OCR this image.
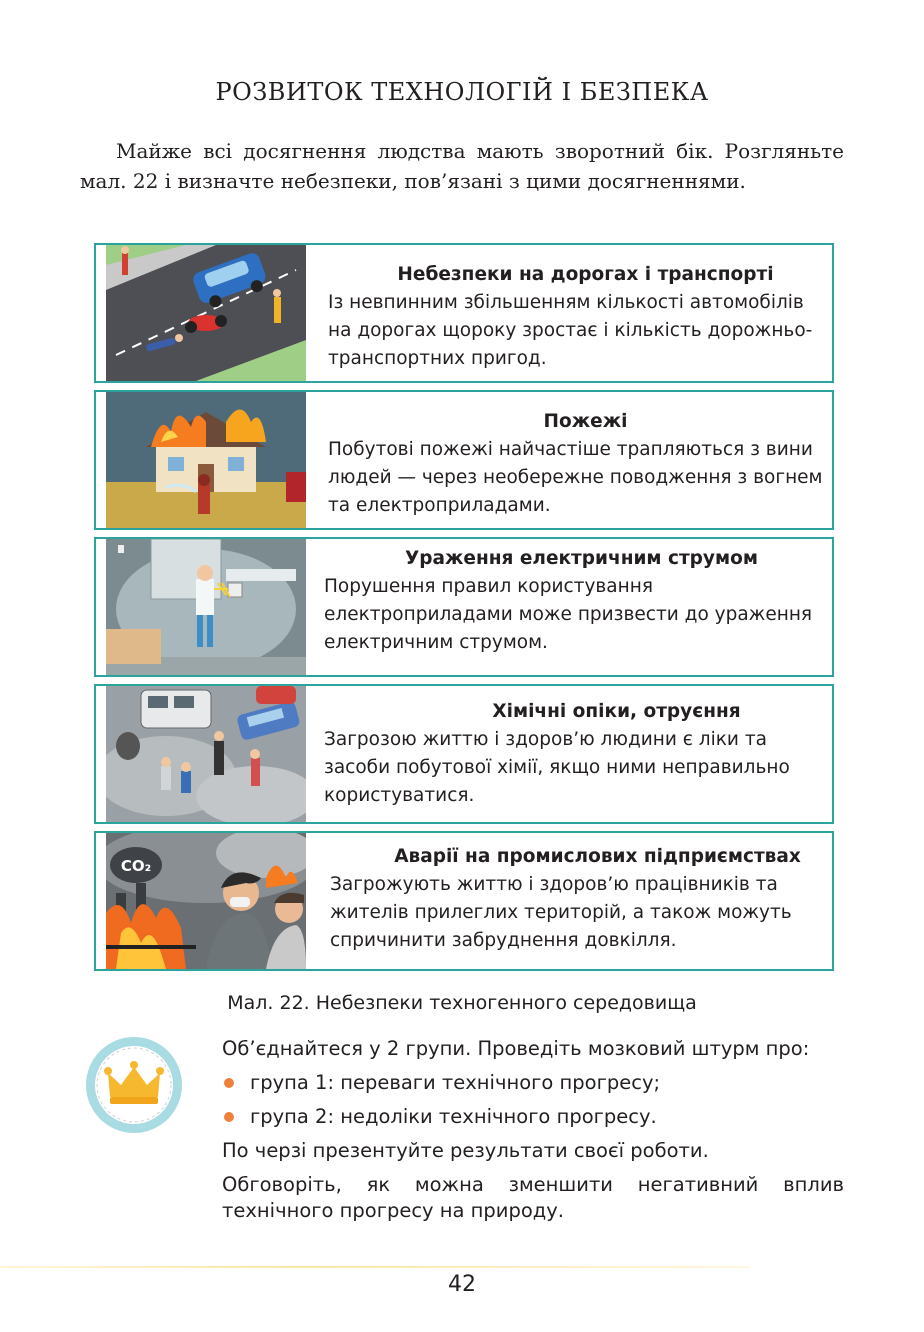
РОЗВИТОК ТЕХНОЛОГІЙ І БЕЗПЕКА
Майже всі досягнення людства мають зворотний бік. Розгляньте мал. 22 і визначте небезпеки, пов’язані з цими досягненнями.
Небезпеки на дорогах і транспорті

Із невпинним збільшенням кількості автомобілів на дорогах щороку зростає і кількість дорожньо-транспортних пригод.

Пожежі

Побутові пожежі найчастіше трапляються з вини людей — через необережне поводження з вогнем та електроприладами.

Ураження електричним струмом

Порушення правил користування електроприладами може призвести до ураження електричним струмом.

Хімічні опіки, отруєння

Загрозою життю і здоров’ю людини є ліки та засоби побутової хімії, якщо ними неправильно користуватися.

CO₂	Аварії на промислових підприємствах

Загрожують життю і здоров’ю працівників та жителів прилеглих територій, а також можуть спричинити забруднення довкілля.

Мал. 22. Небезпеки техногенного середовища
Об’єднайтеся у 2 групи. Проведіть мозковий штурм про:
група 1: переваги технічного прогресу;
група 2: недоліки технічного прогресу.
По черзі презентуйте результати своєї роботи.
Обговоріть, як можна зменшити негативний вплив технічного прогресу на природу.
42
